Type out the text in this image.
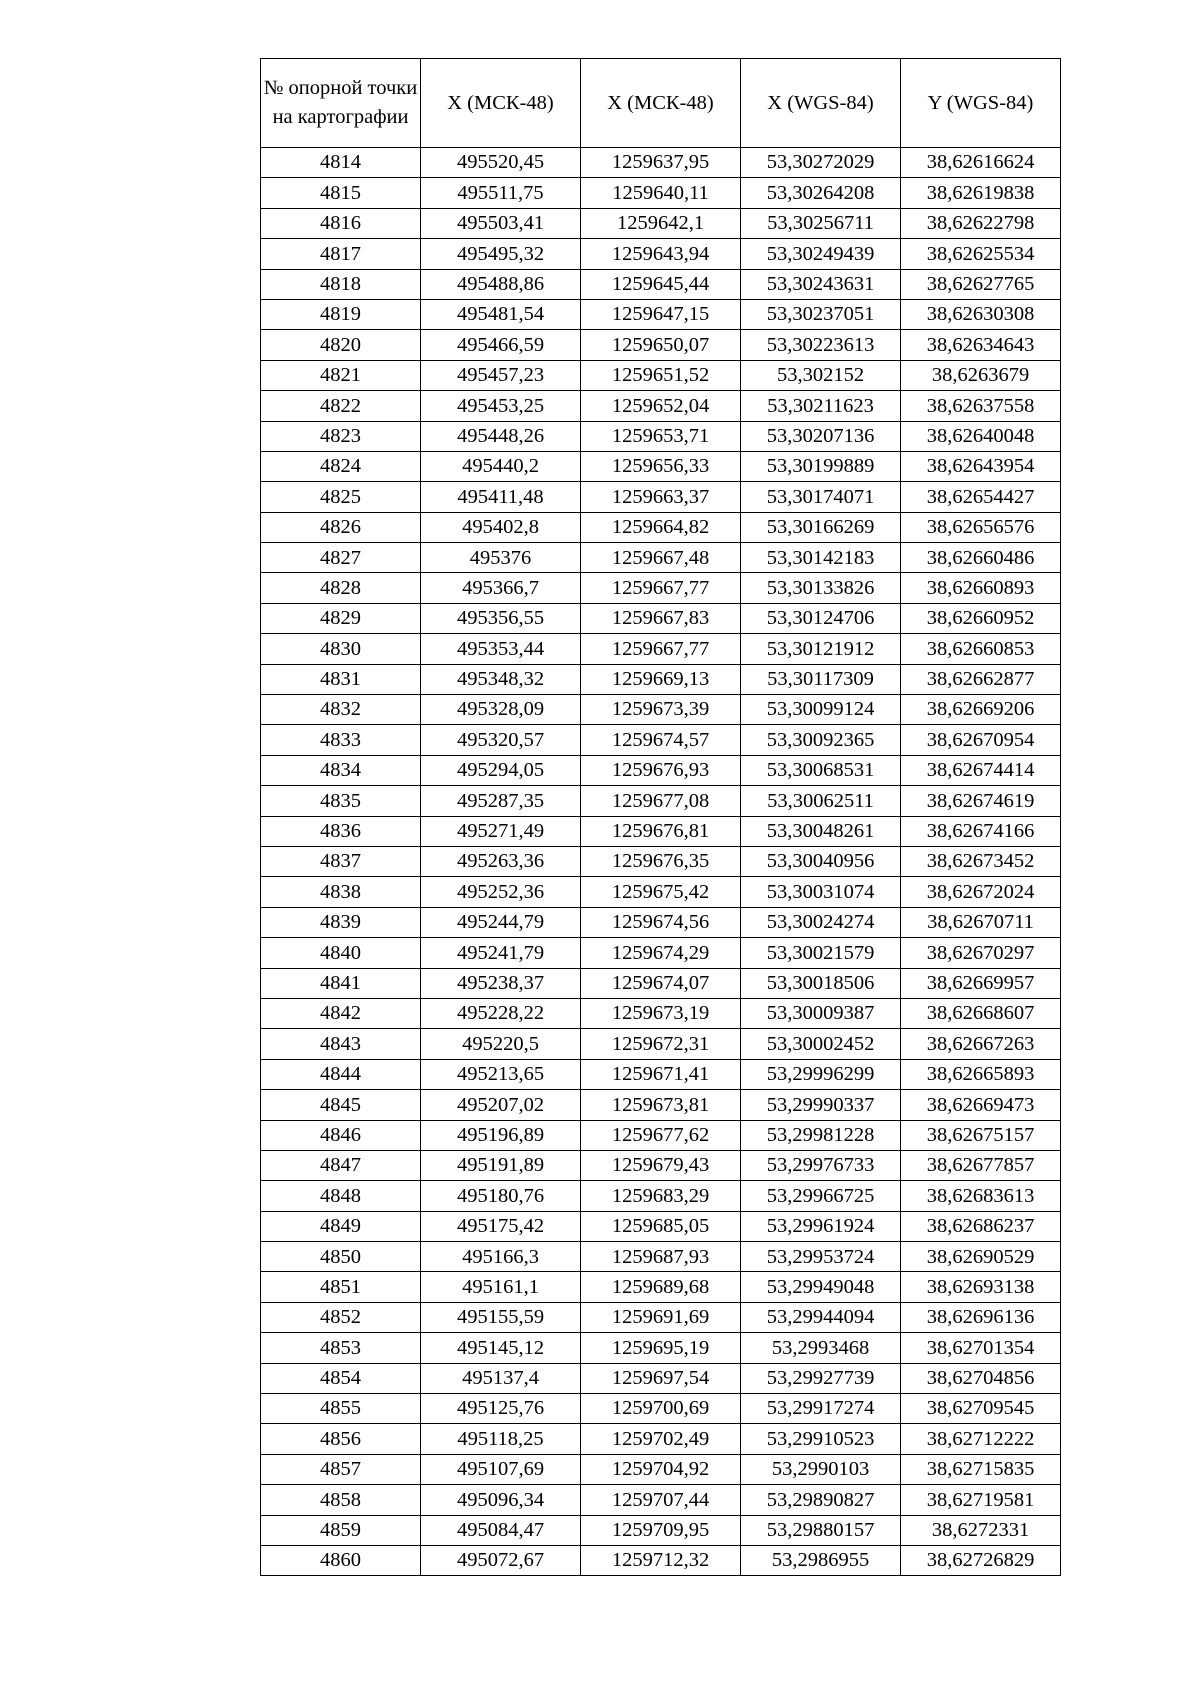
№ опорной точки на картографии	X (МСК-48)	X (МСК-48)	X (WGS-84)	Y (WGS-84)
4814	495520,45	1259637,95	53,30272029	38,62616624
4815	495511,75	1259640,11	53,30264208	38,62619838
4816	495503,41	1259642,1	53,30256711	38,62622798
4817	495495,32	1259643,94	53,30249439	38,62625534
4818	495488,86	1259645,44	53,30243631	38,62627765
4819	495481,54	1259647,15	53,30237051	38,62630308
4820	495466,59	1259650,07	53,30223613	38,62634643
4821	495457,23	1259651,52	53,302152	38,6263679
4822	495453,25	1259652,04	53,30211623	38,62637558
4823	495448,26	1259653,71	53,30207136	38,62640048
4824	495440,2	1259656,33	53,30199889	38,62643954
4825	495411,48	1259663,37	53,30174071	38,62654427
4826	495402,8	1259664,82	53,30166269	38,62656576
4827	495376	1259667,48	53,30142183	38,62660486
4828	495366,7	1259667,77	53,30133826	38,62660893
4829	495356,55	1259667,83	53,30124706	38,62660952
4830	495353,44	1259667,77	53,30121912	38,62660853
4831	495348,32	1259669,13	53,30117309	38,62662877
4832	495328,09	1259673,39	53,30099124	38,62669206
4833	495320,57	1259674,57	53,30092365	38,62670954
4834	495294,05	1259676,93	53,30068531	38,62674414
4835	495287,35	1259677,08	53,30062511	38,62674619
4836	495271,49	1259676,81	53,30048261	38,62674166
4837	495263,36	1259676,35	53,30040956	38,62673452
4838	495252,36	1259675,42	53,30031074	38,62672024
4839	495244,79	1259674,56	53,30024274	38,62670711
4840	495241,79	1259674,29	53,30021579	38,62670297
4841	495238,37	1259674,07	53,30018506	38,62669957
4842	495228,22	1259673,19	53,30009387	38,62668607
4843	495220,5	1259672,31	53,30002452	38,62667263
4844	495213,65	1259671,41	53,29996299	38,62665893
4845	495207,02	1259673,81	53,29990337	38,62669473
4846	495196,89	1259677,62	53,29981228	38,62675157
4847	495191,89	1259679,43	53,29976733	38,62677857
4848	495180,76	1259683,29	53,29966725	38,62683613
4849	495175,42	1259685,05	53,29961924	38,62686237
4850	495166,3	1259687,93	53,29953724	38,62690529
4851	495161,1	1259689,68	53,29949048	38,62693138
4852	495155,59	1259691,69	53,29944094	38,62696136
4853	495145,12	1259695,19	53,2993468	38,62701354
4854	495137,4	1259697,54	53,29927739	38,62704856
4855	495125,76	1259700,69	53,29917274	38,62709545
4856	495118,25	1259702,49	53,29910523	38,62712222
4857	495107,69	1259704,92	53,2990103	38,62715835
4858	495096,34	1259707,44	53,29890827	38,62719581
4859	495084,47	1259709,95	53,29880157	38,6272331
4860	495072,67	1259712,32	53,2986955	38,62726829
